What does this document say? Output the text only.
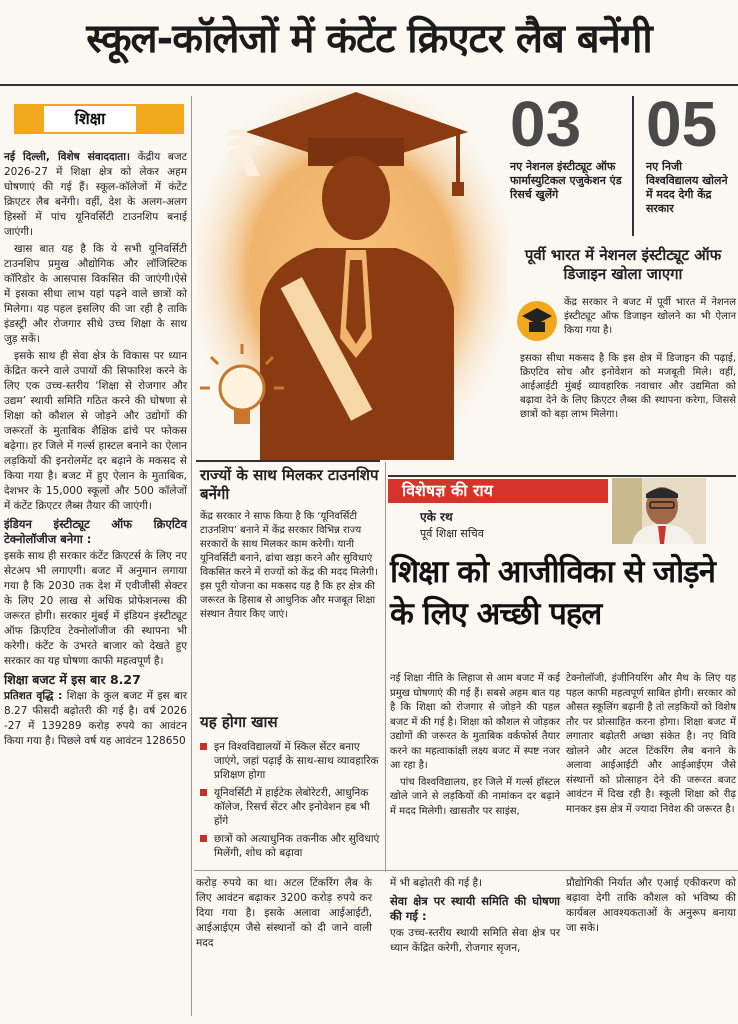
स्कूल-कॉलेजों में कंटेंट क्रिएटर लैब बनेंगी
शिक्षा

नई दिल्ली, विशेष संवाददाता। केंद्रीय बजट 2026-27 में शिक्षा क्षेत्र को लेकर अहम घोषणाएं की गई हैं। स्कूल-कॉलेजों में कंटेंट क्रिएटर लैब बनेंगी। वहीं, देश के अलग-अलग हिस्सों में पांच यूनिवर्सिटी टाउनशिप बनाई जाएंगी।

खास बात यह है कि ये सभी यूनिवर्सिटी टाउनशिप प्रमुख औद्योगिक और लॉजिस्टिक कॉरिडोर के आसपास विकसित की जाएंगी।ऐसे में इसका सीधा लाभ यहां पढ़ने वाले छात्रों को मिलेगा। यह पहल इसलिए की जा रही है ताकि इंडस्ट्री और रोजगार सीधे उच्च शिक्षा के साथ जुड़ सकें।

इसके साथ ही सेवा क्षेत्र के विकास पर ध्यान केंद्रित करने वाले उपायों की सिफारिश करने के लिए एक उच्च-स्तरीय ‘शिक्षा से रोजगार और उद्यम’ स्थायी समिति गठित करने की घोषणा से शिक्षा को कौशल से जोड़ने और उद्योगों की जरूरतों के मुताबिक शैक्षिक ढांचे पर फोकस बढ़ेगा। हर जिले में गर्ल्स हास्टल बनाने का ऐलान लड़कियों की इनरोलमेंट दर बढ़ाने के मकसद से किया गया है। बजट में हुए ऐलान के मुताबिक, देशभर के 15,000 स्कूलों और 500 कॉलेजों में कंटेंट क्रिएटर लैब्स तैयार की जाएंगी।

इंडियन इंस्टीट्यूट ऑफ क्रिएटिव टेक्नोलॉजीज बनेगा :

इसके साथ ही सरकार कंटेंट क्रिएटर्स के लिए नए सेटअप भी लगाएगी। बजट में अनुमान लगाया गया है कि 2030 तक देश में एवीजीसी सेक्टर के लिए 20 लाख से अधिक प्रोफेशनल्स की जरूरत होगी। सरकार मुंबई में इंडियन इंस्टीट्यूट ऑफ क्रिएटिव टेक्नोलॉजीज की स्थापना भी करेगी। कंटेंट के उभरते बाजार को देखते हुए सरकार का यह घोषणा काफी महत्वपूर्ण है।

शिक्षा बजट में इस बार 8.27

प्रतिशत वृद्धि : शिक्षा के कुल बजट में इस बार 8.27 फीसदी बढ़ोतरी की गई है। वर्ष 2026 -27 में 139289 करोड़ रुपये का आवंटन किया गया है। पिछले वर्ष यह आवंटन 128650

₹	03
नए नेशनल इंस्टीट्यूट ऑफ फार्मास्युटिकल एजुकेशन एंड रिसर्च खुलेंगे
05
नए निजी विश्वविद्यालय खोलने में मदद देगी केंद्र सरकार
पूर्वी भारत में नेशनल इंस्टीट्यूट ऑफ डिजाइन खोला जाएगा
केंद्र सरकार ने बजट में पूर्वी भारत में नेशनल इंस्टीट्यूट ऑफ डिजाइन खोलने का भी ऐलान किया गया है।
इसका सीधा मकसद है कि इस क्षेत्र में डिजाइन की पढ़ाई, क्रिएटिव सोच और इनोवेशन को मजबूती मिले। वहीं, आईआईटी मुंबई व्यावहारिक नवाचार और उद्यमिता को बढ़ावा देने के लिए क्रिएटर लैब्स की स्थापना करेगा, जिससे छात्रों को बड़ा लाभ मिलेगा।
राज्यों के साथ मिलकर टाउनशिप बनेंगी
केंद्र सरकार ने साफ किया है कि ‘यूनिवर्सिटी टाउनशिप’ बनाने में केंद्र सरकार विभिन्न राज्य सरकारों के साथ मिलकर काम करेगी। यानी यूनिवर्सिटी बनाने, ढांचा खड़ा करने और सुविधाएं विकसित करने में राज्यों को केंद्र की मदद मिलेगी। इस पूरी योजना का मकसद यह है कि हर क्षेत्र की जरूरत के हिसाब से आधुनिक और मजबूत शिक्षा संस्थान तैयार किए जाएं।
यह होगा खास
इन विश्वविद्यालयों में स्किल सेंटर बनाए जाएंगे, जहां पढ़ाई के साथ-साथ व्यावहारिक प्रशिक्षण होगा
यूनिवर्सिटी में हाईटेक लेबोरेटरी, आधुनिक कॉलेज, रिसर्च सेंटर और इनोवेशन हब भी होंगे
छात्रों को अत्याधुनिक तकनीक और सुविधाएं मिलेंगी, शोध को बढ़ावा
विशेषज्ञ की राय
एके रथ
पूर्व शिक्षा सचिव
शिक्षा को आजीविका से जोड़ने के लिए अच्छी पहल

नई शिक्षा नीति के लिहाज से आम बजट में कई प्रमुख घोषणाएं की गई हैं। सबसे अहम बात यह है कि शिक्षा को रोजगार से जोड़ने की पहल बजट में की गई है। शिक्षा को कौशल से जोड़कर उद्योगों की जरूरत के मुताबिक वर्कफोर्स तैयार करने का महत्वाकांक्षी लक्ष्य बजट में स्पष्ट नजर आ रहा है।

पांच विश्वविद्यालय, हर जिले में गर्ल्स हॉस्टल खोले जाने से लड़कियों की नामांकन दर बढ़ाने में मदद मिलेगी। खासतौर पर साइंस,

टेक्नोलॉजी, इंजीनियरिंग और मैथ के लिए यह पहल काफी महत्वपूर्ण साबित होगी। सरकार को औसत स्कूलिंग बढ़ानी है तो लड़कियों को विशेष तौर पर प्रोत्साहित करना होगा। शिक्षा बजट में लगातार बढ़ोतरी अच्छा संकेत है। नए विवि खोलने और अटल टिंकरिंग लैब बनाने के अलावा आईआईटी और आईआईएम जैसे संस्थानों को प्रोत्साहन देने की जरूरत बजट आवंटन में दिख रही है। स्कूली शिक्षा को रीढ़ मानकर इस क्षेत्र में ज्यादा निवेश की जरूरत है।
करोड़ रुपये का था। अटल टिंकरिंग लैब के लिए आवंटन बढ़ाकर 3200 करोड़ रुपये कर दिया गया है। इसके अलावा आईआईटी, आईआईएम जैसे संस्थानों को दी जाने वाली मदद
में भी बढ़ोतरी की गई है।
सेवा क्षेत्र पर स्थायी समिति की घोषणा की गई :
एक उच्च-स्तरीय स्थायी समिति सेवा क्षेत्र पर ध्यान केंद्रित करेगी, रोजगार सृजन,
प्रौद्योगिकी निर्यात और एआई एकीकरण को बढ़ावा देगी ताकि कौशल को भविष्य की कार्यबल आवश्यकताओं के अनुरूप बनाया जा सके।
